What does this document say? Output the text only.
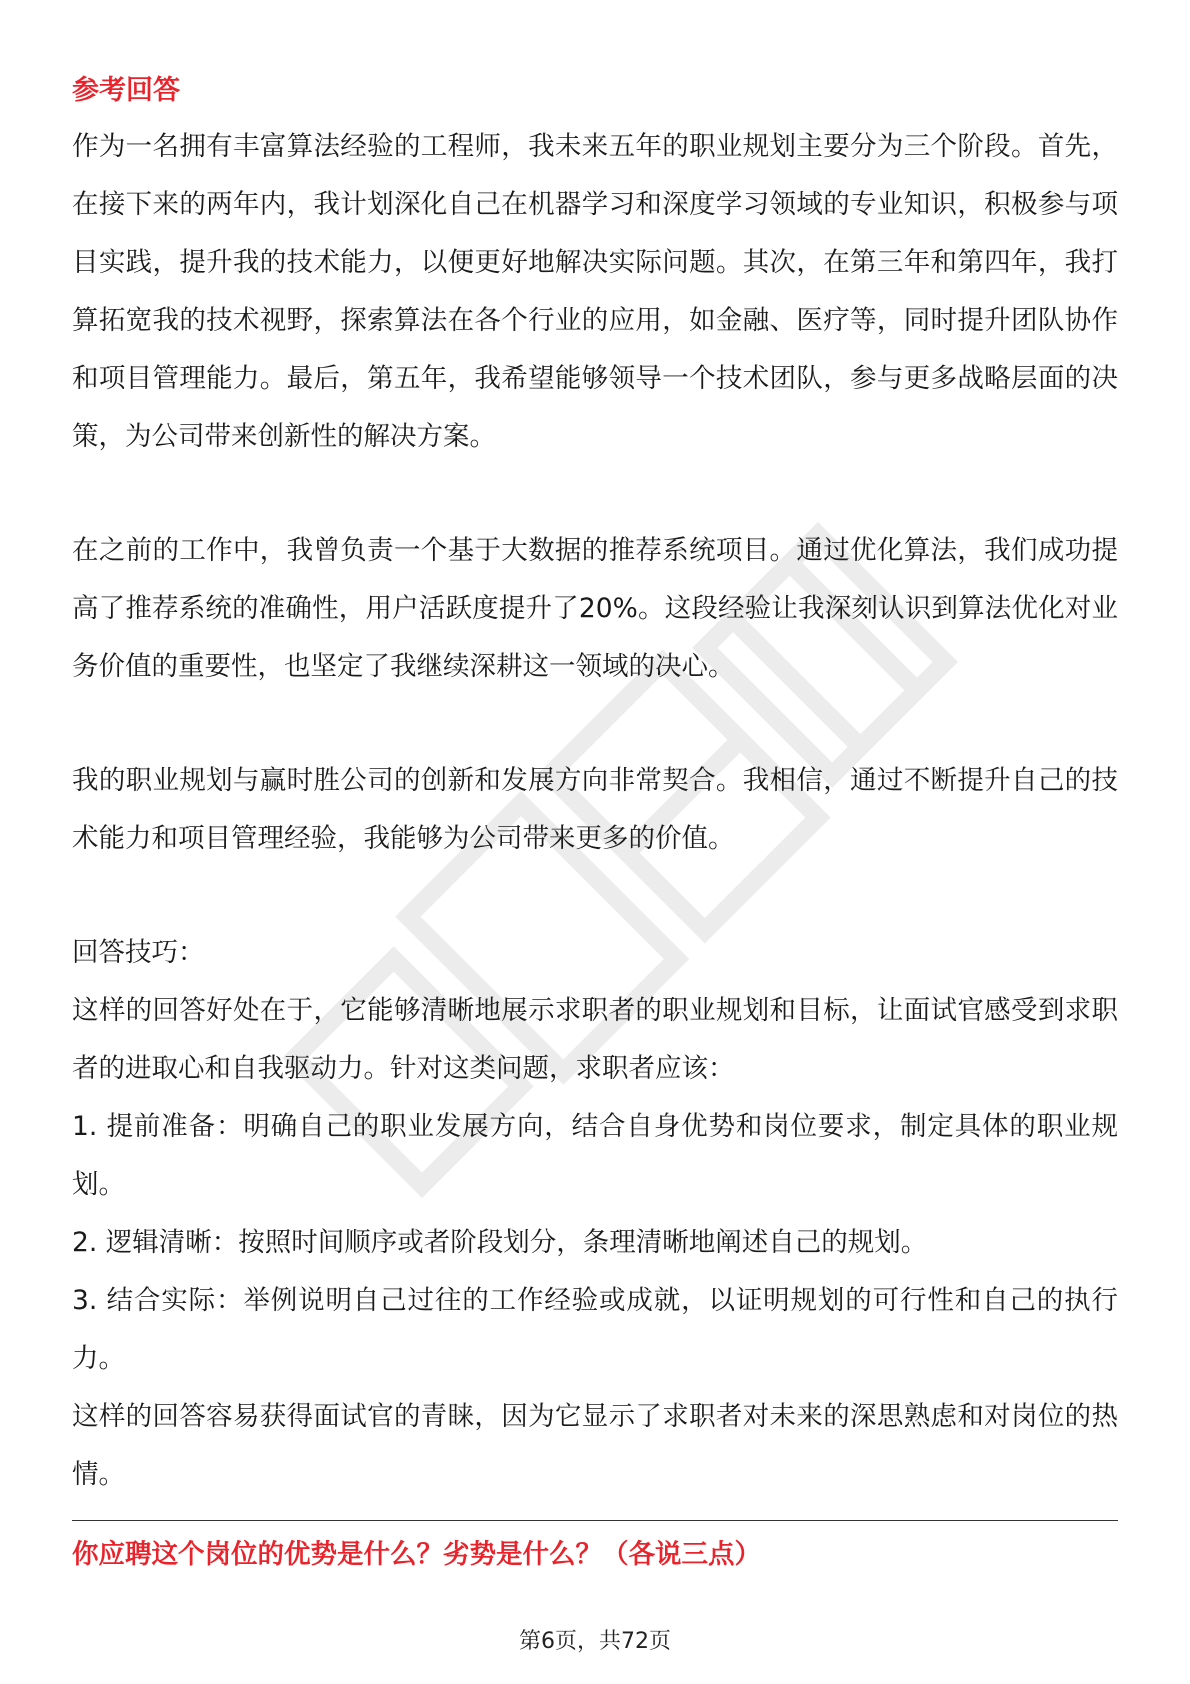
参考回答

作为一名拥有丰富算法经验的工程师，我未来五年的职业规划主要分为三个阶段。首先，在接下来的两年内，我计划深化自己在机器学习和深度学习领域的专业知识，积极参与项目实践，提升我的技术能力，以便更好地解决实际问题。其次，在第三年和第四年，我打算拓宽我的技术视野，探索算法在各个行业的应用，如金融、医疗等，同时提升团队协作和项目管理能力。最后，第五年，我希望能够领导一个技术团队，参与更多战略层面的决策，为公司带来创新性的解决方案。

在之前的工作中，我曾负责一个基于大数据的推荐系统项目。通过优化算法，我们成功提高了推荐系统的准确性，用户活跃度提升了20%。这段经验让我深刻认识到算法优化对业务价值的重要性，也坚定了我继续深耕这一领域的决心。

我的职业规划与赢时胜公司的创新和发展方向非常契合。我相信，通过不断提升自己的技术能力和项目管理经验，我能够为公司带来更多的价值。

回答技巧：

这样的回答好处在于，它能够清晰地展示求职者的职业规划和目标，让面试官感受到求职者的进取心和自我驱动力。针对这类问题，求职者应该：

1. 提前准备：明确自己的职业发展方向，结合自身优势和岗位要求，制定具体的职业规划。

2. 逻辑清晰：按照时间顺序或者阶段划分，条理清晰地阐述自己的规划。

3. 结合实际：举例说明自己过往的工作经验或成就，以证明规划的可行性和自己的执行力。

这样的回答容易获得面试官的青睐，因为它显示了求职者对未来的深思熟虑和对岗位的热情。

你应聘这个岗位的优势是什么？劣势是什么？（各说三点）

第6页，共72页
